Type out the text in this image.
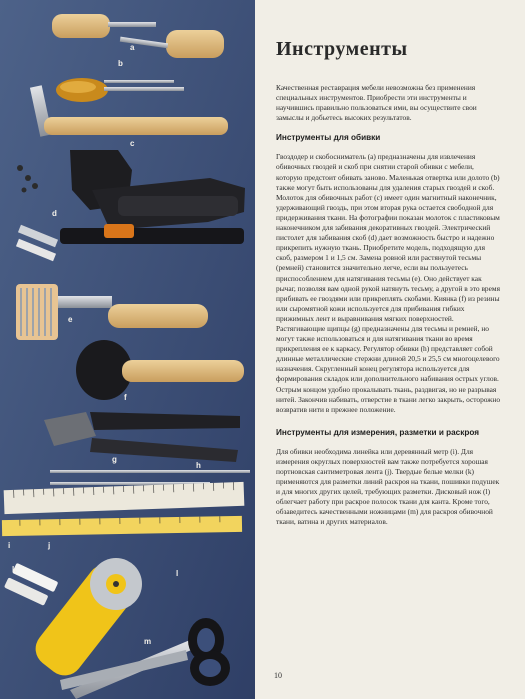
a
b
c
d
e
f
g
h
i	j
k	l
m
Инструменты

Качественная реставрация мебели невозможна без применения специальных инструментов. Приобрести эти инструменты и научившись правильно пользоваться ими, вы осуществите свои замыслы и добьетесь высоких результатов.

Инструменты для обивки

Гвоздодер и скобосниматель (a) предназначены для извлечения обивочных гвоздей и скоб при снятии старой обивки с мебели, которую предстоит обивать заново. Маленькая отвертка или долото (b) также могут быть использованы для удаления старых гвоздей и скоб. Молоток для обивочных работ (c) имеет один магнитный наконечник, удерживающий гвоздь, при этом вторая рука остается свободной для придерживания ткани. На фотографии показан молоток с пластиковым наконечником для забивания декоративных гвоздей. Электрический пистолет для забивания скоб (d) дает возможность быстро и надежно прикрепить нужную ткань. Приобретите модель, подходящую для скоб, размером 1 и 1,5 см. Замена ровной или растянутой тесьмы (ремней) становится значительно легче, если вы пользуетесь приспособлением для натягивания тесьмы (e). Оно действует как рычаг, позволяя вам одной рукой натянуть тесьму, а другой в это время прибивать ее гвоздями или прикреплять скобами. Киянка (f) из резины или сыромятной кожи используется для прибивания гибких прижимных лент и выравнивания мягких поверхностей. Растягивающие щипцы (g) предназначены для тесьмы и ремней, но могут также использоваться и для натягивания ткани во время прикрепления ее к каркасу. Регулятор обивки (h) представляет собой длинные металлические стержни длиной 20,5 и 25,5 см многоцелевого назначения. Скругленный конец регулятора используется для формирования складок или дополнительного набивания острых углов. Острым концом удобно прокалывать ткань, раздвигая, но не разрывая нитей. Закончив набивать, отверстие в ткани легко закрыть, осторожно возвратив нити в прежнее положение.

Инструменты для измерения, разметки и раскроя

Для обивки необходима линейка или деревянный метр (i). Для измерения округлых поверхностей вам также потребуется хорошая портновская сантиметровая лента (j). Твердые белые мелки (k) применяются для разметки линий раскроя на ткани, пошивки подушек и для многих других целей, требующих разметки. Дисковый нож (l) облегчает работу при раскрое полосок ткани для канта. Кроме того, обзаведитесь качественными ножницами (m) для раскроя обивочной ткани, ватина и других материалов.

10
